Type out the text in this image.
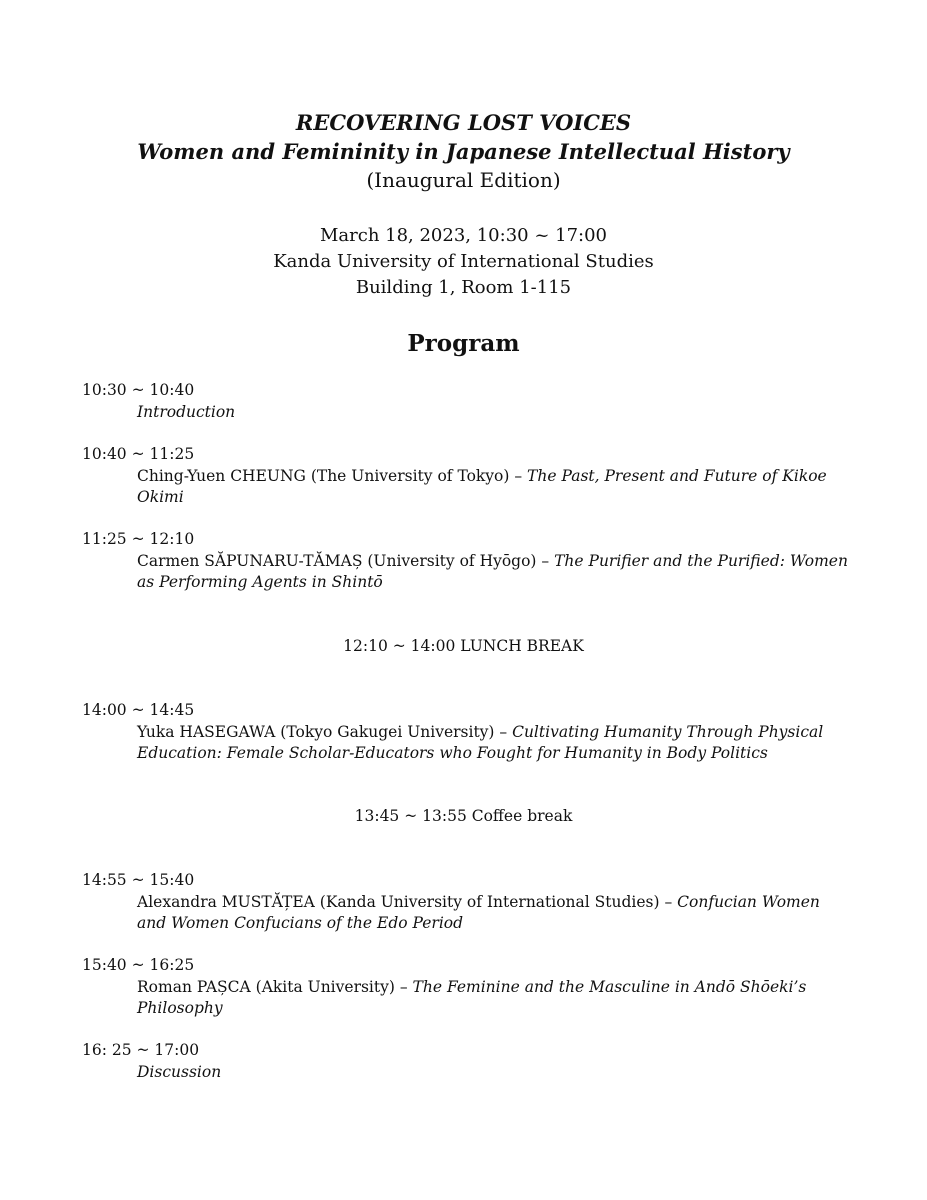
RECOVERING LOST VOICES
Women and Femininity in Japanese Intellectual History
(Inaugural Edition)
March 18, 2023, 10:30 ~ 17:00
Kanda University of International Studies
Building 1, Room 1-115
Program
10:30 ~ 10:40
Introduction
10:40 ~ 11:25
Ching-Yuen CHEUNG (The University of Tokyo) – The Past, Present and Future of Kikoe Okimi
11:25 ~ 12:10
Carmen SĂPUNARU-TĂMAȘ (University of Hyōgo) – The Purifier and the Purified: Women as Performing Agents in Shintō
12:10 ~ 14:00 LUNCH BREAK
14:00 ~ 14:45
Yuka HASEGAWA (Tokyo Gakugei University) – Cultivating Humanity Through Physical Education: Female Scholar-Educators who Fought for Humanity in Body Politics
13:45 ~ 13:55 Coffee break
14:55 ~ 15:40
Alexandra MUSTĂȚEA (Kanda University of International Studies) – Confucian Women and Women Confucians of the Edo Period
15:40 ~ 16:25
Roman PAȘCA (Akita University) – The Feminine and the Masculine in Andō Shōeki’s Philosophy
16: 25 ~ 17:00
Discussion
